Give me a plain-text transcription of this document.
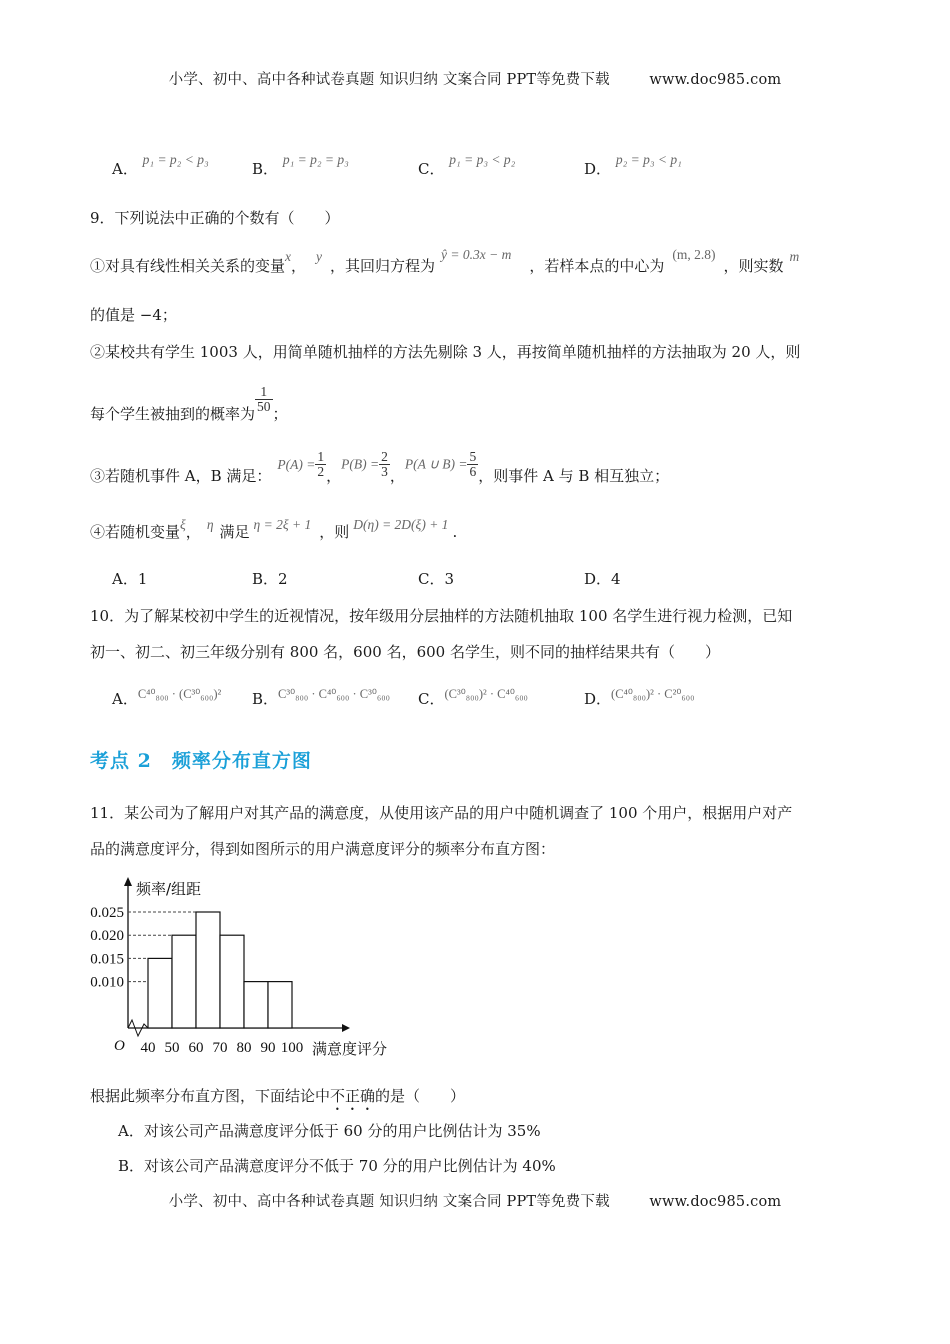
小学、初中、高中各种试卷真题 知识归纳 文案合同 PPT等免费下载	www.doc985.com
A． p₁ = p₂ < p₃
B． p₁ = p₂ = p₃
C． p₁ = p₃ < p₂
D． p₂ = p₃ < p₁
9．下列说法中正确的个数有（　　）
①对具有线性相关关系的变量x，y，其回归方程为ŷ = 0.3x − m，若样本点的中心为(m, 2.8)，则实数m
的值是 −4；
②某校共有学生 1003 人，用简单随机抽样的方法先剔除 3 人，再按简单随机抽样的方法抽取为 20 人，则
每个学生被抽到的概率为 $\frac{1}{50}$ ；
③若随机事件 A，B 满足：$P(A) = \frac{1}{2}$ ，$P(B) = \frac{2}{3}$ ，P(A ∪ $B) = \frac{5}{6}$ ，则事件 A 与 B 相互独立；
④若随机变量ξ， η 满足 η = 2ξ + 1 ，则 D(η) = 2D(ξ) + 1 .
A．1	B．2	C．3	D．4
10．为了解某校初中学生的近视情况，按年级用分层抽样的方法随机抽取 100 名学生进行视力检测，已知
初一、初二、初三年级分别有 800 名，600 名，600 名学生，则不同的抽样结果共有（　　）
A．$^{C^{40}_{800} \cdot (C^{30}_{600})^2}$ B．$^{C^{30}_{800} \cdot C^{40}_{600} \cdot C^{30}_{600}}$ C．$^{(C^{30}_{800})^2 \cdot C^{40}_{600}}$	D．$^{(C^{40}_{800})^2 \cdot C^{20}_{600}}$
考点 2　频率分布直方图
11．某公司为了解用户对其产品的满意度，从使用该产品的用户中随机调查了 100 个用户，根据用户对产
品的满意度评分，得到如图所示的用户满意度评分的频率分布直方图：
频率/组距
满意度评分
O
0.010
0.015
0.020
0.025
40 50 60 70 80 90 100
根据此频率分布直方图，下面结论中不正确的是（　　）
A．对该公司产品满意度评分低于 60 分的用户比例估计为 35%
B．对该公司产品满意度评分不低于 70 分的用户比例估计为 40%
小学、初中、高中各种试卷真题 知识归纳 文案合同 PPT等免费下载	www.doc985.com
